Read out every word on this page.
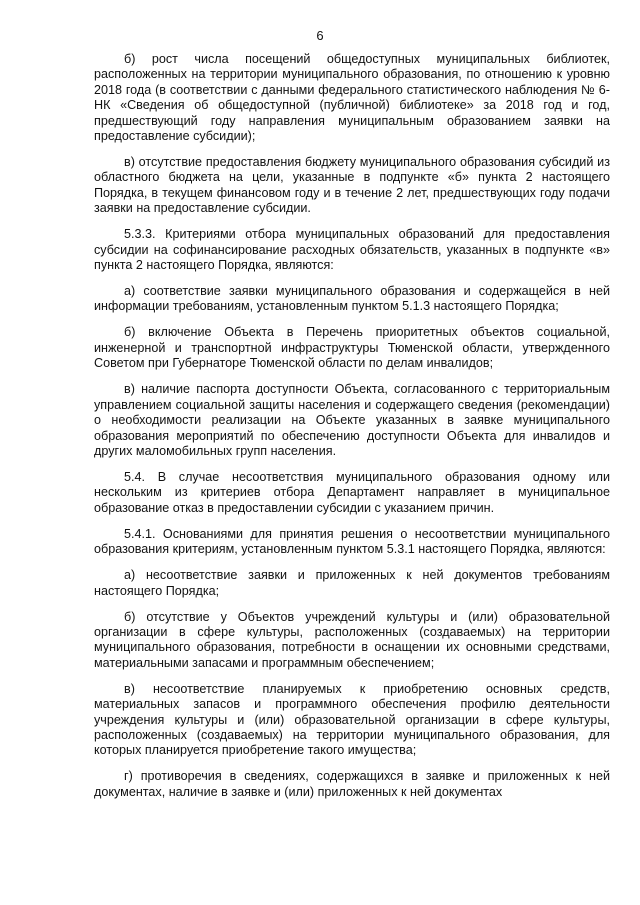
6

б) рост числа посещений общедоступных муниципальных библиотек, расположенных на территории муниципального образования, по отношению к уровню 2018 года (в соответствии с данными федерального статистического наблюдения № 6-НК «Сведения об общедоступной (публичной) библиотеке» за 2018 год и год, предшествующий году направления муниципальным образованием заявки на предоставление субсидии);

в) отсутствие предоставления бюджету муниципального образования субсидий из областного бюджета на цели, указанные в подпункте «б» пункта 2 настоящего Порядка, в текущем финансовом году и в течение 2 лет, предшествующих году подачи заявки на предоставление субсидии.

5.3.3. Критериями отбора муниципальных образований для предоставления субсидии на софинансирование расходных обязательств, указанных в подпункте «в» пункта 2 настоящего Порядка, являются:

а) соответствие заявки муниципального образования и содержащейся в ней информации требованиям, установленным пунктом 5.1.3 настоящего Порядка;

б) включение Объекта в Перечень приоритетных объектов социальной, инженерной и транспортной инфраструктуры Тюменской области, утвержденного Советом при Губернаторе Тюменской области по делам инвалидов;

в) наличие паспорта доступности Объекта, согласованного с территориальным управлением социальной защиты населения и содержащего сведения (рекомендации) о необходимости реализации на Объекте указанных в заявке муниципального образования мероприятий по обеспечению доступности Объекта для инвалидов и других маломобильных групп населения.

5.4. В случае несоответствия муниципального образования одному или нескольким из критериев отбора Департамент направляет в муниципальное образование отказ в предоставлении субсидии с указанием причин.

5.4.1. Основаниями для принятия решения о несоответствии муниципального образования критериям, установленным пунктом 5.3.1 настоящего Порядка, являются:

а) несоответствие заявки и приложенных к ней документов требованиям настоящего Порядка;

б) отсутствие у Объектов учреждений культуры и (или) образовательной организации в сфере культуры, расположенных (создаваемых) на территории муниципального образования, потребности в оснащении их основными средствами, материальными запасами и программным обеспечением;

в) несоответствие планируемых к приобретению основных средств, материальных запасов и программного обеспечения профилю деятельности учреждения культуры и (или) образовательной организации в сфере культуры, расположенных (создаваемых) на территории муниципального образования, для которых планируется приобретение такого имущества;

г) противоречия в сведениях, содержащихся в заявке и приложенных к ней документах, наличие в заявке и (или) приложенных к ней документах
